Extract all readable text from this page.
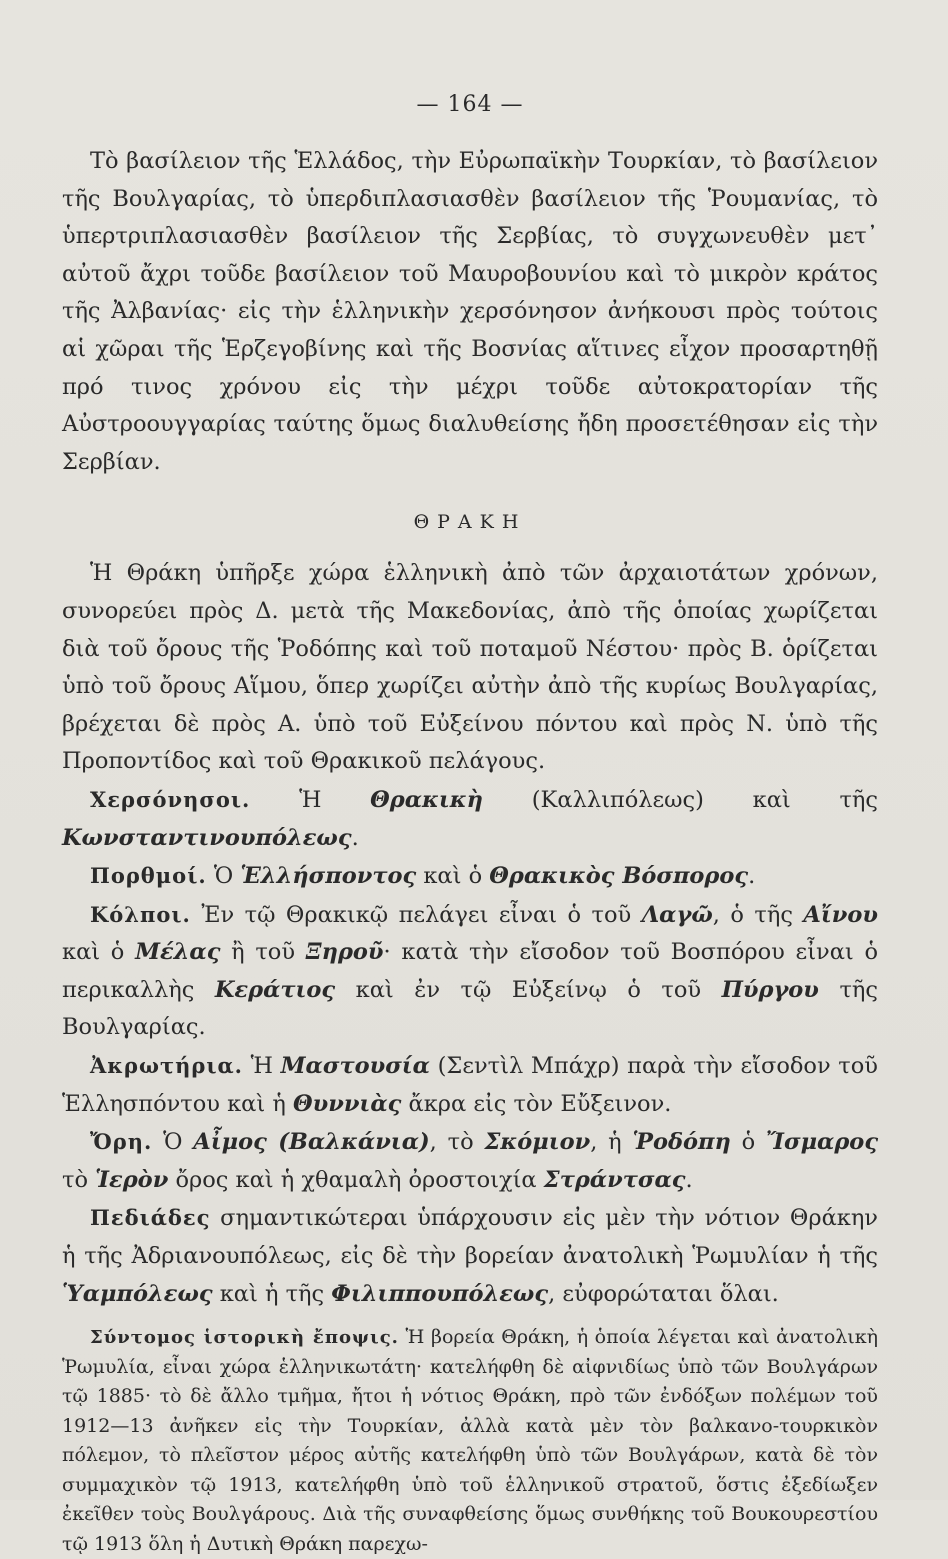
— 164 —

Τὸ βασίλειον τῆς Ἑλλάδος, τὴν Εὐρωπαϊκὴν Τουρκίαν, τὸ βασίλειον τῆς Βουλγαρίας, τὸ ὑπερδιπλασιασθὲν βασίλειον τῆς Ῥουμανίας, τὸ ὑπερτριπλασιασθὲν βασίλειον τῆς Σερβίας, τὸ συγχωνευθὲν μετ᾽ αὐτοῦ ἄχρι τοῦδε βασίλειον τοῦ Μαυροβουνίου καὶ τὸ μικρὸν κράτος τῆς Ἀλβανίας· εἰς τὴν ἑλληνικὴν χερσόνησον ἀνήκουσι πρὸς τούτοις αἱ χῶραι τῆς Ἑρζεγοβίνης καὶ τῆς Βοσνίας αἵτινες εἶχον προσαρτηθῇ πρό τινος χρόνου εἰς τὴν μέχρι τοῦδε αὐτοκρατορίαν τῆς Αὐστροουγγαρίας ταύτης ὅμως διαλυθείσης ἤδη προσετέθησαν εἰς τὴν Σερβίαν.

ΘΡΑΚΗ

Ἡ Θράκη ὑπῆρξε χώρα ἑλληνικὴ ἀπὸ τῶν ἀρχαιοτάτων χρόνων, συνορεύει πρὸς Δ. μετὰ τῆς Μακεδονίας, ἀπὸ τῆς ὁποίας χωρίζεται διὰ τοῦ ὄρους τῆς Ῥοδόπης καὶ τοῦ ποταμοῦ Νέστου· πρὸς Β. ὁρίζεται ὑπὸ τοῦ ὄρους Αἵμου, ὅπερ χωρίζει αὐτὴν ἀπὸ τῆς κυρίως Βουλγαρίας, βρέχεται δὲ πρὸς Α. ὑπὸ τοῦ Εὐξείνου πόντου καὶ πρὸς Ν. ὑπὸ τῆς Προποντίδος καὶ τοῦ Θρακικοῦ πελάγους.

Χερσόνησοι. Ἡ Θρακικὴ (Καλλιπόλεως) καὶ τῆς Κωνσταντινουπόλεως.

Πορθμοί. Ὁ Ἑλλήσποντος καὶ ὁ Θρακικὸς Βόσπορος.

Κόλποι. Ἐν τῷ Θρακικῷ πελάγει εἶναι ὁ τοῦ Λαγῶ, ὁ τῆς Αἴνου καὶ ὁ Μέλας ἢ τοῦ Ξηροῦ· κατὰ τὴν εἴσοδον τοῦ Βοσπόρου εἶναι ὁ περικαλλὴς Κεράτιος καὶ ἐν τῷ Εὐξείνῳ ὁ τοῦ Πύργου τῆς Βουλγαρίας.

Ἀκρωτήρια. Ἡ Μαστουσία (Σεντὶλ Μπάχρ) παρὰ τὴν εἴσοδον τοῦ Ἑλλησπόντου καὶ ἡ Θυννιὰς ἄκρα εἰς τὸν Εὔξεινον.

Ὄρη. Ὁ Αἶμος (Βαλκάνια), τὸ Σκόμιον, ἡ Ῥοδόπη ὁ Ἴσμαρος τὸ Ἱερὸν ὄρος καὶ ἡ χθαμαλὴ ὀροστοιχία Στράντσας.

Πεδιάδες σημαντικώτεραι ὑπάρχουσιν εἰς μὲν τὴν νότιον Θράκην ἡ τῆς Ἀδριανουπόλεως, εἰς δὲ τὴν βορείαν ἀνατολικὴ Ῥωμυλίαν ἡ τῆς Ὑαμπόλεως καὶ ἡ τῆς Φιλιππουπόλεως, εὐφορώταται ὅλαι.

Σύντομος ἱστορικὴ ἔποψις. Ἡ βορεία Θράκη, ἡ ὁποία λέγεται καὶ ἀνατολικὴ Ῥωμυλία, εἶναι χώρα ἑλληνικωτάτη· κατελήφθη δὲ αἰφνιδίως ὑπὸ τῶν Βουλγάρων τῷ 1885· τὸ δὲ ἄλλο τμῆμα, ἤτοι ἡ νότιος Θράκη, πρὸ τῶν ἐνδόξων πολέμων τοῦ 1912—13 ἀνῆκεν εἰς τὴν Τουρκίαν, ἀλλὰ κατὰ μὲν τὸν βαλκανο-τουρκικὸν πόλεμον, τὸ πλεῖστον μέρος αὐτῆς κατελήφθη ὑπὸ τῶν Βουλγάρων, κατὰ δὲ τὸν συμμαχικὸν τῷ 1913, κατελήφθη ὑπὸ τοῦ ἑλληνικοῦ στρατοῦ, ὅστις ἐξεδίωξεν ἐκεῖθεν τοὺς Βουλγάρους. Διὰ τῆς συναφθείσης ὅμως συνθήκης τοῦ Βουκουρεστίου τῷ 1913 ὅλη ἡ Δυτικὴ Θράκη παρεχω-
